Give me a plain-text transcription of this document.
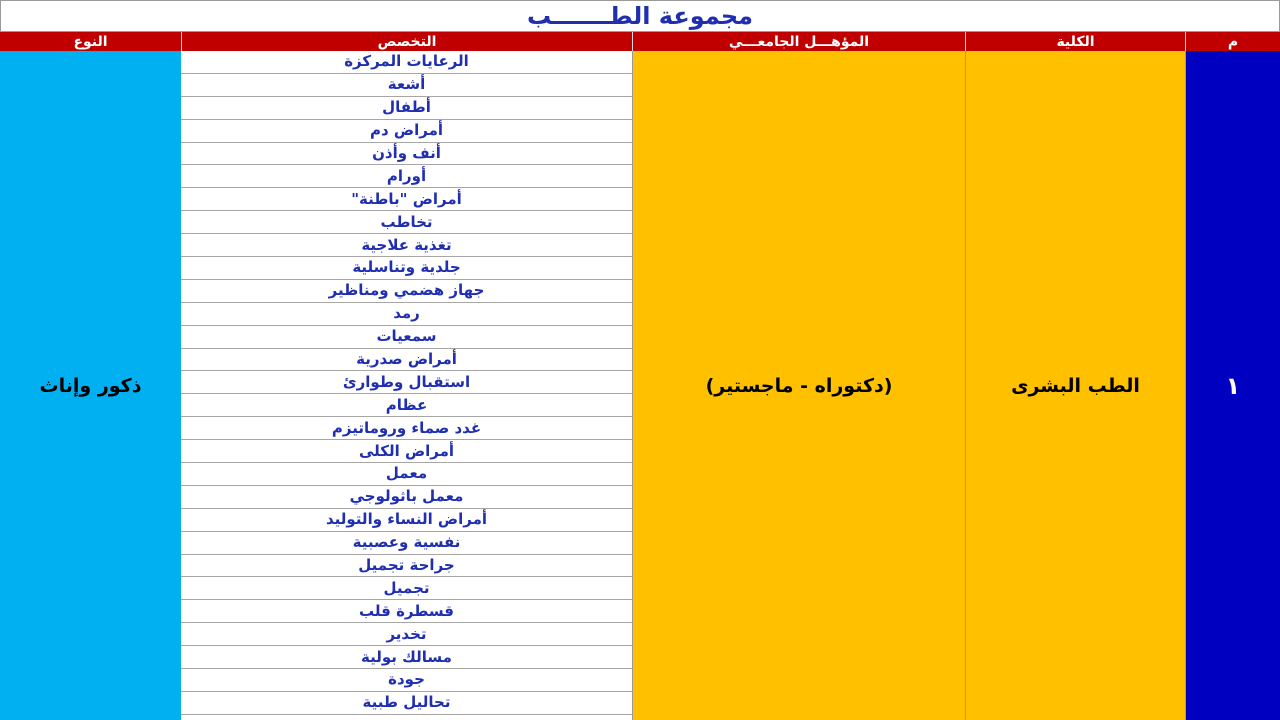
مجموعة الطـــــــب
م
الكلية
المؤهـــل الجامعـــي
التخصص
النوع
١
الطب البشرى
(دكتوراه - ماجستير)
الرعايات المركزة
أشعة
أطفال
أمراض دم
أنف وأذن
أورام
أمراض "باطنة"
تخاطب
تغذية علاجية
جلدية وتناسلية
جهاز هضمي ومناظير
رمد
سمعيات
أمراض صدرية
استقبال وطوارئ
عظام
غدد صماء وروماتيزم
أمراض الكلى
معمل
معمل باثولوجي
أمراض النساء والتوليد
نفسية وعصبية
جراحة تجميل
تجميل
قسطرة قلب
تخدير
مسالك بولية
جودة
تحاليل طبية
ذكور وإناث
